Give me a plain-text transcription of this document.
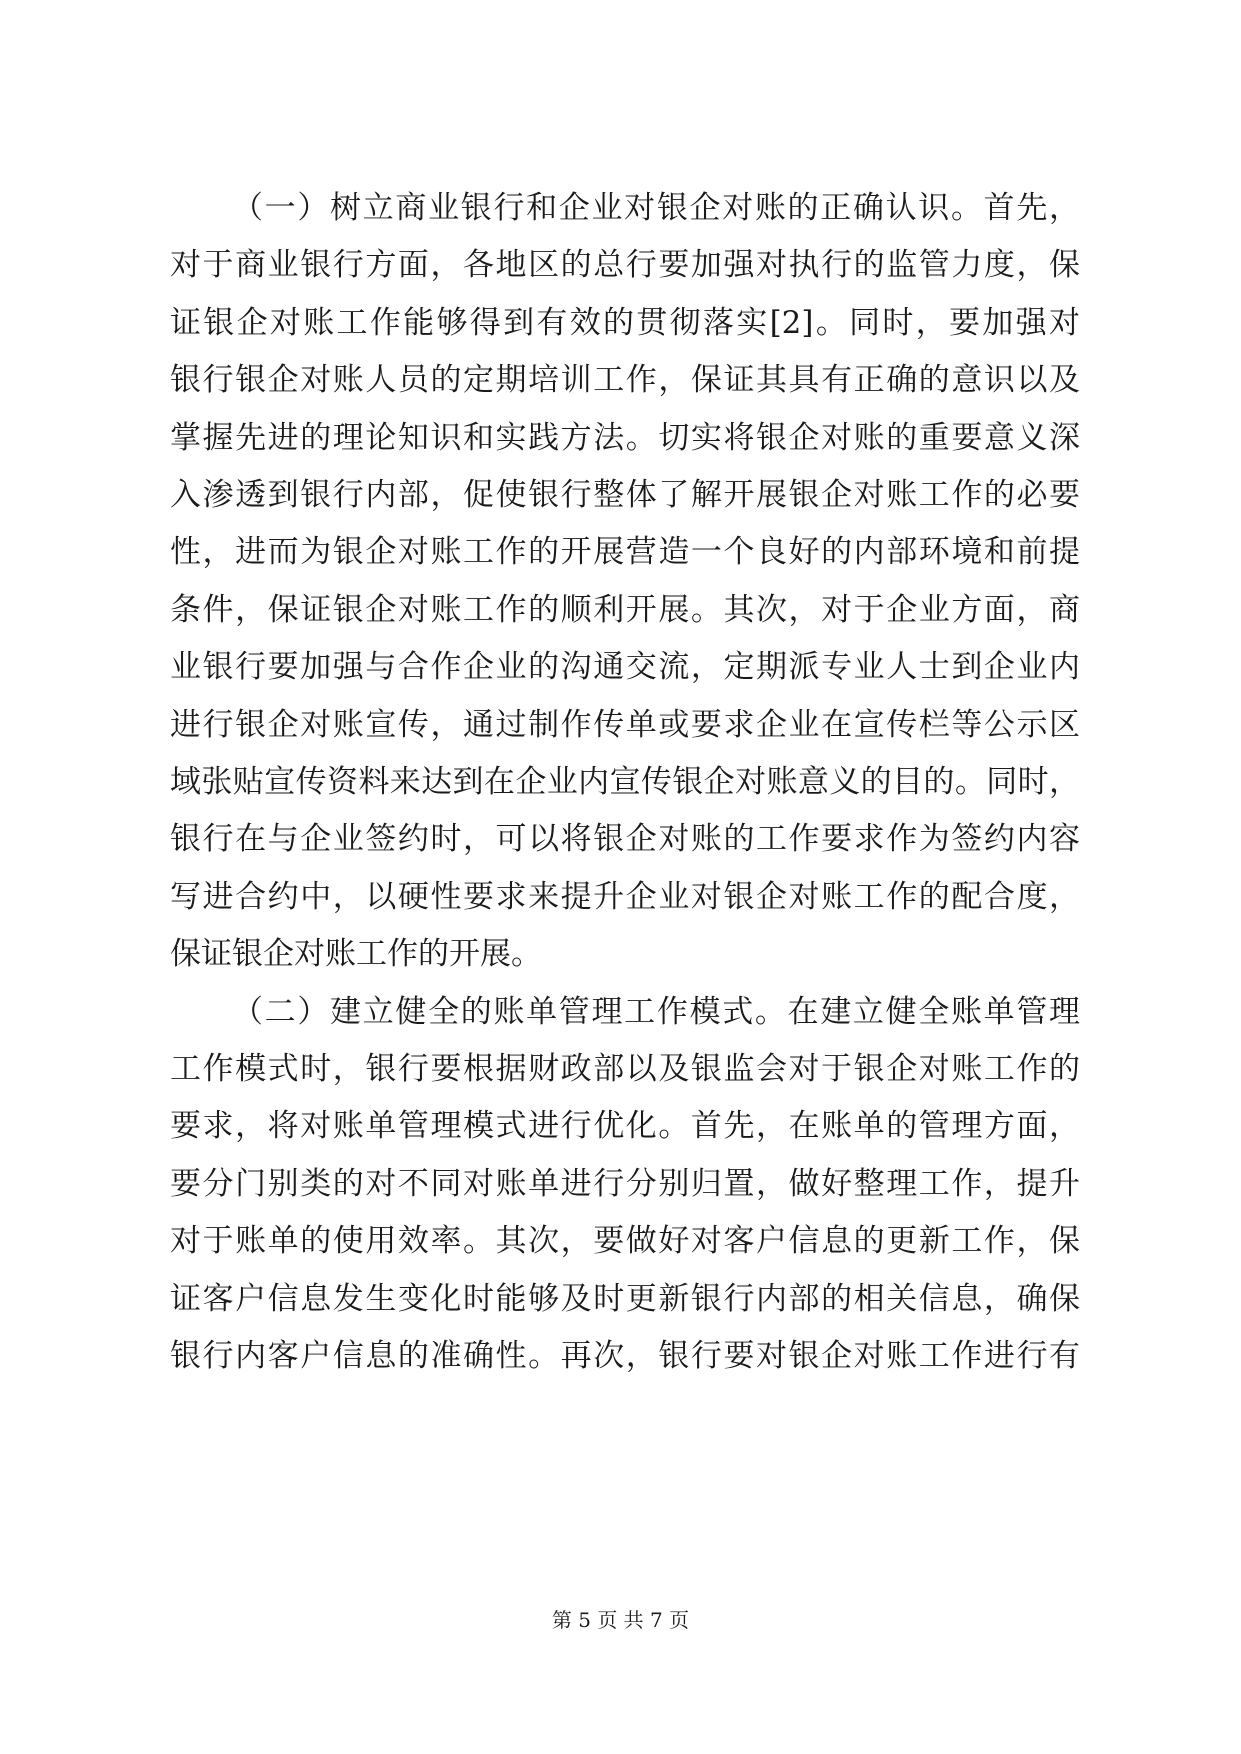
（一）树立商业银行和企业对银企对账的正确认识。首先，
对于商业银行方面，各地区的总行要加强对执行的监管力度，保
证银企对账工作能够得到有效的贯彻落实[2]。同时，要加强对
银行银企对账人员的定期培训工作，保证其具有正确的意识以及
掌握先进的理论知识和实践方法。切实将银企对账的重要意义深
入渗透到银行内部，促使银行整体了解开展银企对账工作的必要
性，进而为银企对账工作的开展营造一个良好的内部环境和前提
条件，保证银企对账工作的顺利开展。其次，对于企业方面，商
业银行要加强与合作企业的沟通交流，定期派专业人士到企业内
进行银企对账宣传，通过制作传单或要求企业在宣传栏等公示区
域张贴宣传资料来达到在企业内宣传银企对账意义的目的。同时，
银行在与企业签约时，可以将银企对账的工作要求作为签约内容
写进合约中，以硬性要求来提升企业对银企对账工作的配合度，
保证银企对账工作的开展。
（二）建立健全的账单管理工作模式。在建立健全账单管理
工作模式时，银行要根据财政部以及银监会对于银企对账工作的
要求，将对账单管理模式进行优化。首先，在账单的管理方面，
要分门别类的对不同对账单进行分别归置，做好整理工作，提升
对于账单的使用效率。其次，要做好对客户信息的更新工作，保
证客户信息发生变化时能够及时更新银行内部的相关信息，确保
银行内客户信息的准确性。再次，银行要对银企对账工作进行有
第 5 页 共 7 页
